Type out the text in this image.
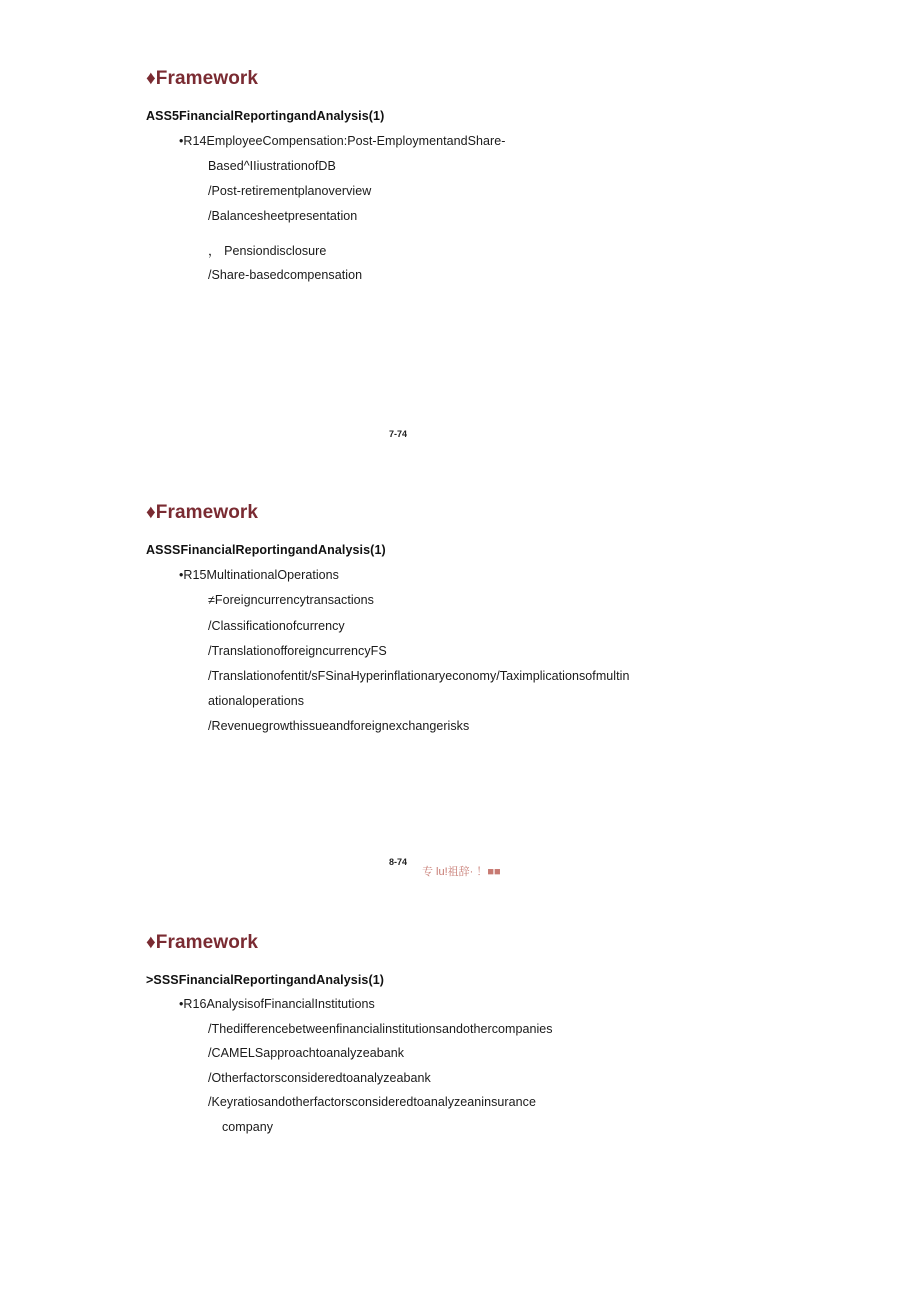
♦Framework
ASS5FinancialReportingandAnalysis(1)
•R14EmployeeCompensation:Post-EmploymentandShare-
Based^IIiustrationofDB
/Post-retirementplanoverview
/Balancesheetpresentation
， Pensiondisclosure
/Share-basedcompensation
7-74
♦Framework
ASSSFinancialReportingandAnalysis(1)
•R15MultinationalOperations
≠Foreigncurrencytransactions
/Classificationofcurrency
/TranslationofforeigncurrencyFS
/Translationofentit/sFSinaHyperinflationaryeconomy/Taximplicationsofmultin
ationaloperations
/Revenuegrowthissueandforeignexchangerisks
8-74
专 lu!祖辞· ！■■
♦Framework
>SSSFinancialReportingandAnalysis(1)
•R16AnalysisofFinancialInstitutions
/Thedifferencebetweenfinancialinstitutionsandothercompanies
/CAMELSapproachtoanalyzeabank
/Otherfactorsconsideredtoanalyzeabank
/Keyratiosandotherfactorsconsideredtoanalyzeaninsurance
company
